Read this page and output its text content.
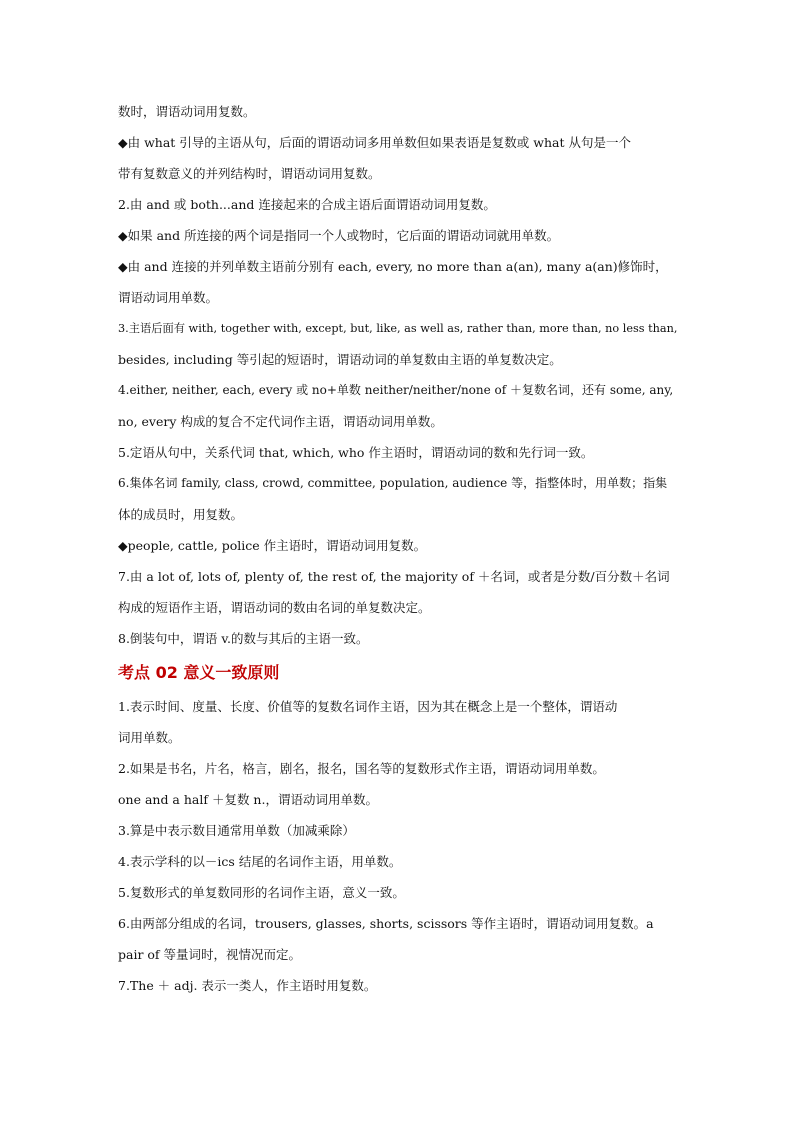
数时，谓语动词用复数。
◆由 what 引导的主语从句，后面的谓语动词多用单数但如果表语是复数或 what 从句是一个
带有复数意义的并列结构时，谓语动词用复数。
2.由 and 或 both...and 连接起来的合成主语后面谓语动词用复数。
◆如果 and 所连接的两个词是指同一个人或物时，它后面的谓语动词就用单数。
◆由 and 连接的并列单数主语前分别有 each, every, no more than a(an), many a(an)修饰时，
谓语动词用单数。
3.主语后面有 with, together with, except, but, like, as well as, rather than, more than, no less than,
besides, including 等引起的短语时，谓语动词的单复数由主语的单复数决定。
4.either, neither, each, every 或 no+单数 neither/neither/none of ＋复数名词，还有 some, any,
no, every 构成的复合不定代词作主语，谓语动词用单数。
5.定语从句中，关系代词 that, which, who 作主语时，谓语动词的数和先行词一致。
6.集体名词 family, class, crowd, committee, population, audience 等，指整体时，用单数；指集
体的成员时，用复数。
◆people, cattle, police 作主语时，谓语动词用复数。
7.由 a lot of, lots of, plenty of, the rest of, the majority of ＋名词，或者是分数/百分数＋名词
构成的短语作主语，谓语动词的数由名词的单复数决定。
8.倒装句中，谓语 v.的数与其后的主语一致。
考点 02 意义一致原则
1.表示时间、度量、长度、价值等的复数名词作主语，因为其在概念上是一个整体，谓语动
词用单数。
2.如果是书名，片名，格言，剧名，报名，国名等的复数形式作主语，谓语动词用单数。
one and a half ＋复数 n.，谓语动词用单数。
3.算是中表示数目通常用单数（加减乘除）
4.表示学科的以－ics 结尾的名词作主语，用单数。
5.复数形式的单复数同形的名词作主语，意义一致。
6.由两部分组成的名词，trousers, glasses, shorts, scissors 等作主语时，谓语动词用复数。a
pair of 等量词时，视情况而定。
7.The ＋ adj. 表示一类人，作主语时用复数。
